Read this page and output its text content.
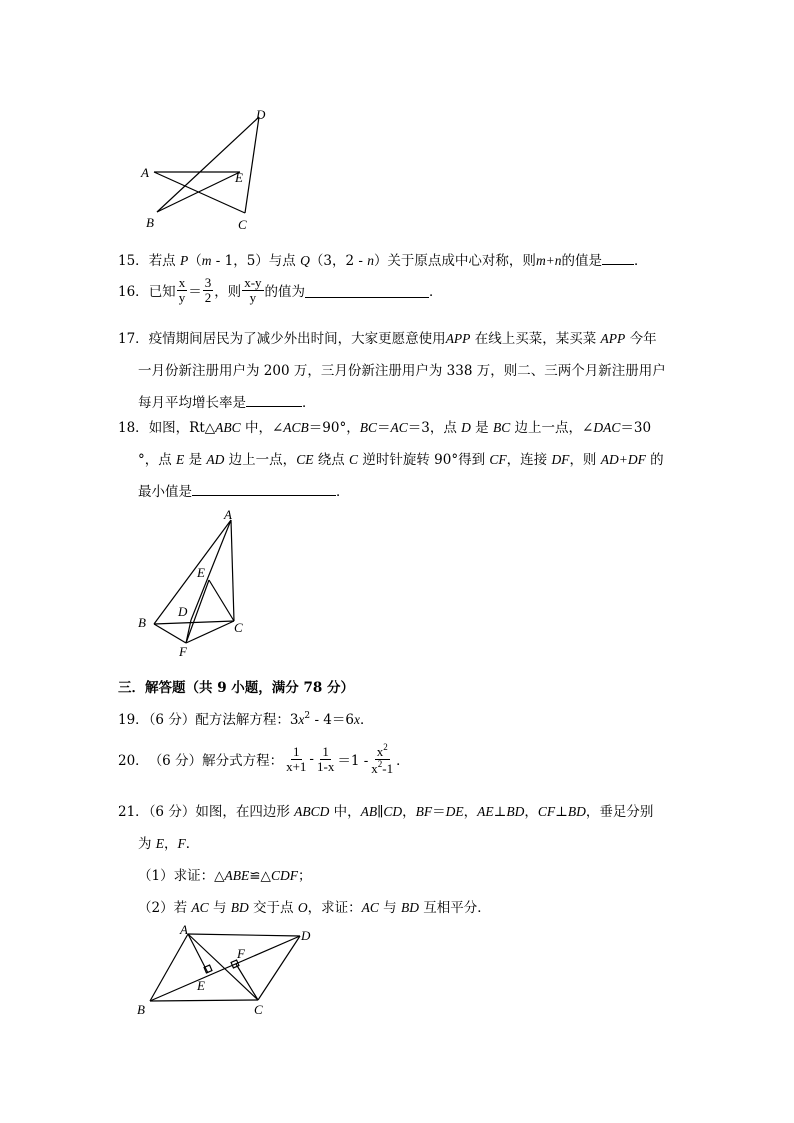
D
A	E
B	C
15．若点 P（m - 1，5）与点 Q（3，2 - n）关于原点成中心对称，则m+n的值是 ．
16． 已知 $\frac{x}{y} = \frac{3}{2}$ ，则 $\frac{x-y}{y}$ 的值为	．
17．疫情期间居民为了减少外出时间，大家更愿意使用APP 在线上买菜，某买菜 APP 今年
一月份新注册用户为 200 万，三月份新注册用户为 338 万，则二、三两个月新注册用户
每月平均增长率是	．
18．如图，Rt△ABC 中，∠ACB＝90°，BC＝AC＝3，点 D 是 BC 边上一点，∠DAC＝30
°，点 E 是 AD 边上一点，CE 绕点 C 逆时针旋转 90°得到 CF，连接 DF，则 AD+DF 的
最小值是	．
A
E
D
B	C
F
三．解答题（共 9 小题，满分 78 分）
19．（6 分）配方法解方程：$3x^2 - 4=6x$．
20． （6 分）解分式方程： $\frac{1}{x+1} - \frac{1}{1-x} =1 - \frac{x^2}{x^2-1}$ ．
21．（6 分）如图，在四边形 ABCD 中，AB∥CD，BF＝DE，AE⊥BD，CF⊥BD，垂足分别
为 E，F．
（1）求证：△ABE≌△CDF；
（2）若 AC 与 BD 交于点 O，求证：AC 与 BD 互相平分．
A	D
F
E
B	C
